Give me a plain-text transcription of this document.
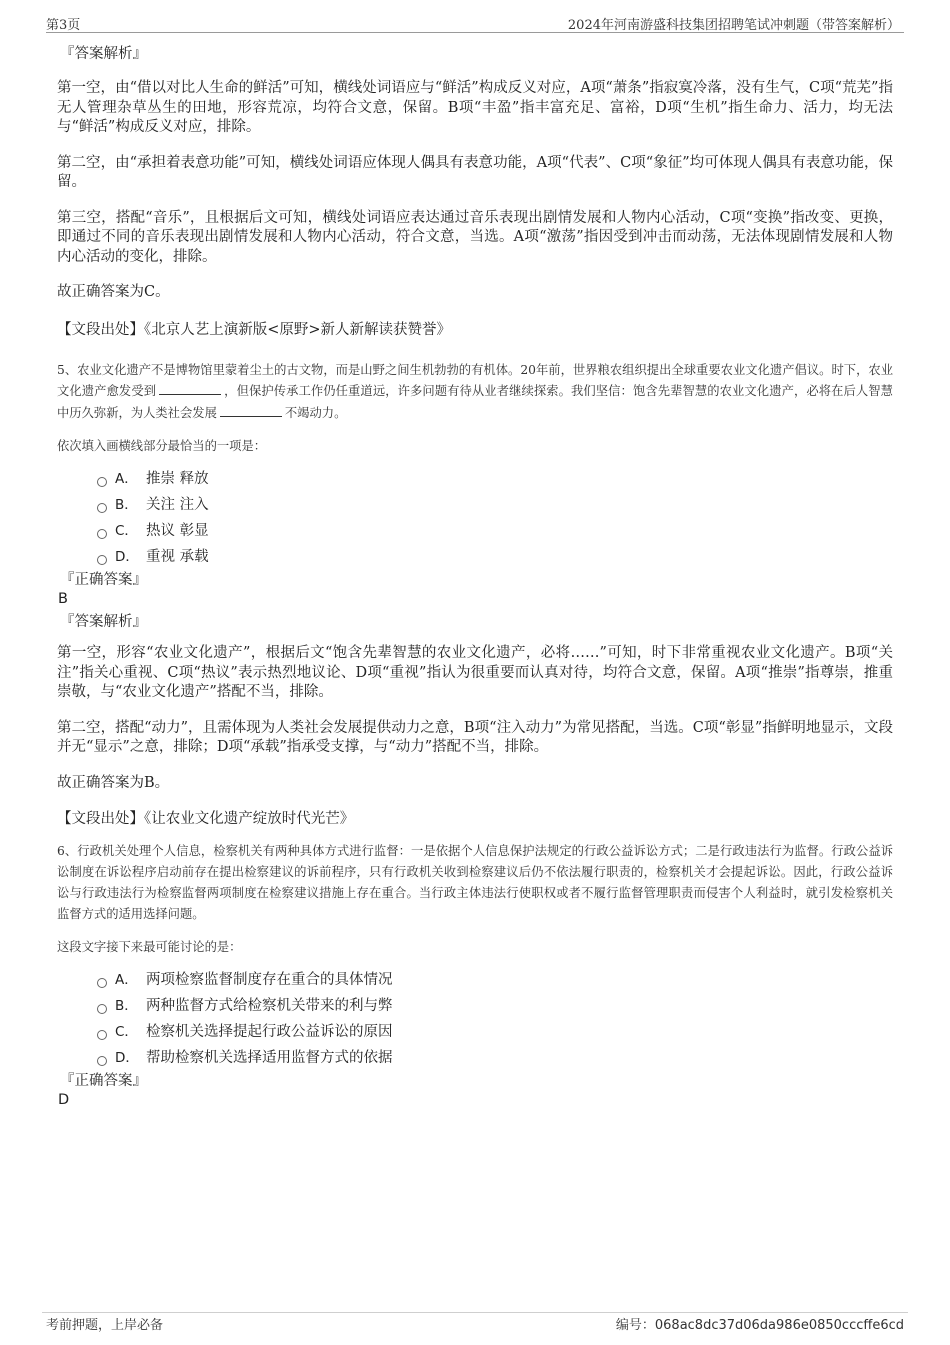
第3页	2024年河南游盛科技集团招聘笔试冲刺题（带答案解析）

『答案解析』

第一空，由“借以对比人生命的鲜活”可知，横线处词语应与“鲜活”构成反义对应，A项“萧条”指寂寞冷落，没有生气，C项“荒芜”指无人管理杂草丛生的田地，形容荒凉，均符合文意，保留。B项“丰盈”指丰富充足、富裕，D项“生机”指生命力、活力，均无法与“鲜活”构成反义对应，排除。

第二空，由“承担着表意功能”可知，横线处词语应体现人偶具有表意功能，A项“代表”、C项“象征”均可体现人偶具有表意功能，保留。

第三空，搭配“音乐”，且根据后文可知，横线处词语应表达通过音乐表现出剧情发展和人物内心活动，C项“变换”指改变、更换，即通过不同的音乐表现出剧情发展和人物内心活动，符合文意，当选。A项“激荡”指因受到冲击而动荡，无法体现剧情发展和人物内心活动的变化，排除。

故正确答案为C。

【文段出处】《北京人艺上演新版<原野>新人新解读获赞誉》

5、农业文化遗产不是博物馆里蒙着尘土的古文物，而是山野之间生机勃勃的有机体。20年前，世界粮农组织提出全球重要农业文化遗产倡议。时下，农业文化遗产愈发受到	，但保护传承工作仍任重道远，许多问题有待从业者继续探索。我们坚信：饱含先辈智慧的农业文化遗产，必将在后人智慧中历久弥新，为人类社会发展	不竭动力。

依次填入画横线部分最恰当的一项是：

A． 推崇 释放
B． 关注 注入
C． 热议 彰显
D． 重视 承载

『正确答案』

B

『答案解析』

第一空，形容“农业文化遗产”，根据后文“饱含先辈智慧的农业文化遗产，必将……”可知，时下非常重视农业文化遗产。B项“关注”指关心重视、C项“热议”表示热烈地议论、D项“重视”指认为很重要而认真对待，均符合文意，保留。A项“推崇”指尊崇，推重崇敬，与“农业文化遗产”搭配不当，排除。

第二空，搭配“动力”，且需体现为人类社会发展提供动力之意，B项“注入动力”为常见搭配，当选。C项“彰显”指鲜明地显示，文段并无“显示”之意，排除；D项“承载”指承受支撑，与“动力”搭配不当，排除。

故正确答案为B。

【文段出处】《让农业文化遗产绽放时代光芒》

6、行政机关处理个人信息，检察机关有两种具体方式进行监督：一是依据个人信息保护法规定的行政公益诉讼方式；二是行政违法行为监督。行政公益诉讼制度在诉讼程序启动前存在提出检察建议的诉前程序，只有行政机关收到检察建议后仍不依法履行职责的，检察机关才会提起诉讼。因此，行政公益诉讼与行政违法行为检察监督两项制度在检察建议措施上存在重合。当行政主体违法行使职权或者不履行监督管理职责而侵害个人利益时，就引发检察机关监督方式的适用选择问题。

这段文字接下来最可能讨论的是：

A． 两项检察监督制度存在重合的具体情况
B． 两种监督方式给检察机关带来的利与弊
C． 检察机关选择提起行政公益诉讼的原因
D． 帮助检察机关选择适用监督方式的依据

『正确答案』

D

考前押题，上岸必备	编号：068ac8dc37d06da986e0850cccffe6cd
